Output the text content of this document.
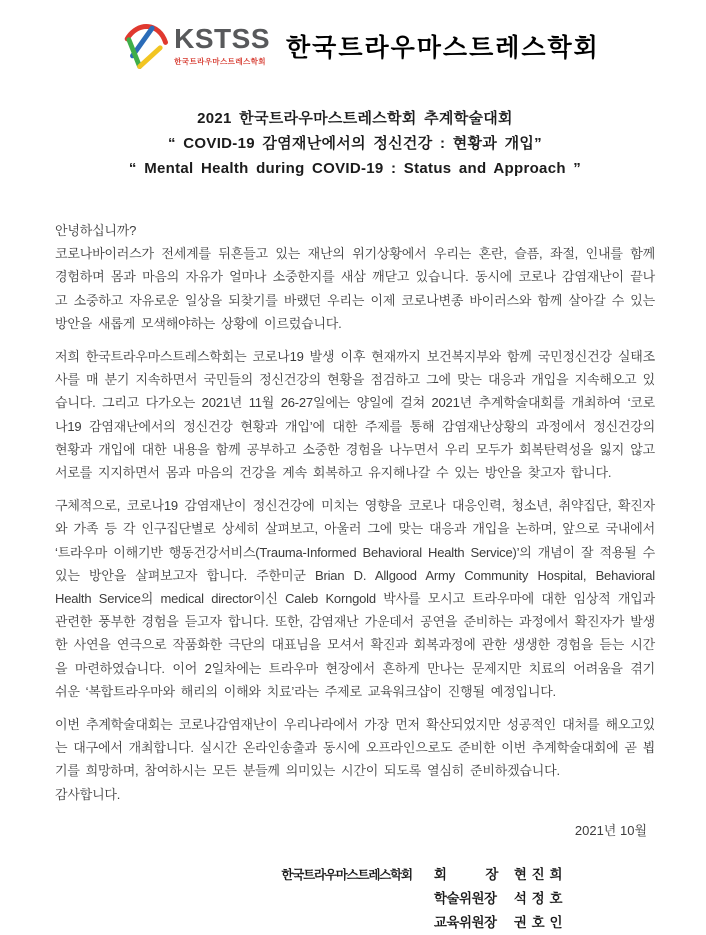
KSTSS
한국트라우마스트레스학회 한국트라우마스트레스학회
2021 한국트라우마스트레스학회 추계학술대회
“ COVID-19 감염재난에서의 정신건강 : 현황과 개입”
“ Mental Health during COVID-19 : Status and Approach ”

안녕하십니까?

코로나바이러스가 전세계를 뒤흔들고 있는 재난의 위기상황에서 우리는 혼란, 슬픔, 좌절, 인내를 함께 경험하며 몸과 마음의 자유가 얼마나 소중한지를 새삼 깨닫고 있습니다. 동시에 코로나 감염재난이 끝나고 소중하고 자유로운 일상을 되찾기를 바랬던 우리는 이제 코로나변종 바이러스와 함께 살아갈 수 있는 방안을 새롭게 모색해야하는 상황에 이르렀습니다.

저희 한국트라우마스트레스학회는 코로나19 발생 이후 현재까지 보건복지부와 함께 국민정신건강 실태조사를 매 분기 지속하면서 국민들의 정신건강의 현황을 점검하고 그에 맞는 대응과 개입을 지속해오고 있습니다. 그리고 다가오는 2021년 11월 26-27일에는 양일에 걸쳐 2021년 추계학술대회를 개최하여 ‘코로나19 감염재난에서의 정신건강 현황과 개입’에 대한 주제를 통해 감염재난상황의 과정에서 정신건강의 현황과 개입에 대한 내용을 함께 공부하고 소중한 경험을 나누면서 우리 모두가 회복탄력성을 잃지 않고 서로를 지지하면서 몸과 마음의 건강을 계속 회복하고 유지해나갈 수 있는 방안을 찾고자 합니다.

구체적으로, 코로나19 감염재난이 정신건강에 미치는 영향을 코로나 대응인력, 청소년, 취약집단, 확진자와 가족 등 각 인구집단별로 상세히 살펴보고, 아울러 그에 맞는 대응과 개입을 논하며, 앞으로 국내에서 ‘트라우마 이해기반 행동건강서비스(Trauma-Informed Behavioral Health Service)’의 개념이 잘 적용될 수 있는 방안을 살펴보고자 합니다. 주한미군 Brian D. Allgood Army Community Hospital, Behavioral Health Service의 medical director이신 Caleb Korngold 박사를 모시고 트라우마에 대한 임상적 개입과 관련한 풍부한 경험을 듣고자 합니다. 또한, 감염재난 가운데서 공연을 준비하는 과정에서 확진자가 발생한 사연을 연극으로 작품화한 극단의 대표님을 모셔서 확진과 회복과정에 관한 생생한 경험을 듣는 시간을 마련하였습니다. 이어 2일차에는 트라우마 현장에서 흔하게 만나는 문제지만 치료의 어려움을 겪기 쉬운 ‘복합트라우마와 해리의 이해와 치료’라는 주제로 교육워크샵이 진행될 예정입니다.

이번 추계학술대회는 코로나감염재난이 우리나라에서 가장 먼저 확산되었지만 성공적인 대처를 해오고있는 대구에서 개최합니다. 실시간 온라인송출과 동시에 오프라인으로도 준비한 이번 추계학술대회에 곧 뵙기를 희망하며, 참여하시는 모든 분들께 의미있는 시간이 되도록 열심히 준비하겠습니다.

감사합니다.

2021년 10월
한국트라우마스트레스학회 회 장 현 진 희
학술위원장 석 정 호
교육위원장 권 호 인
